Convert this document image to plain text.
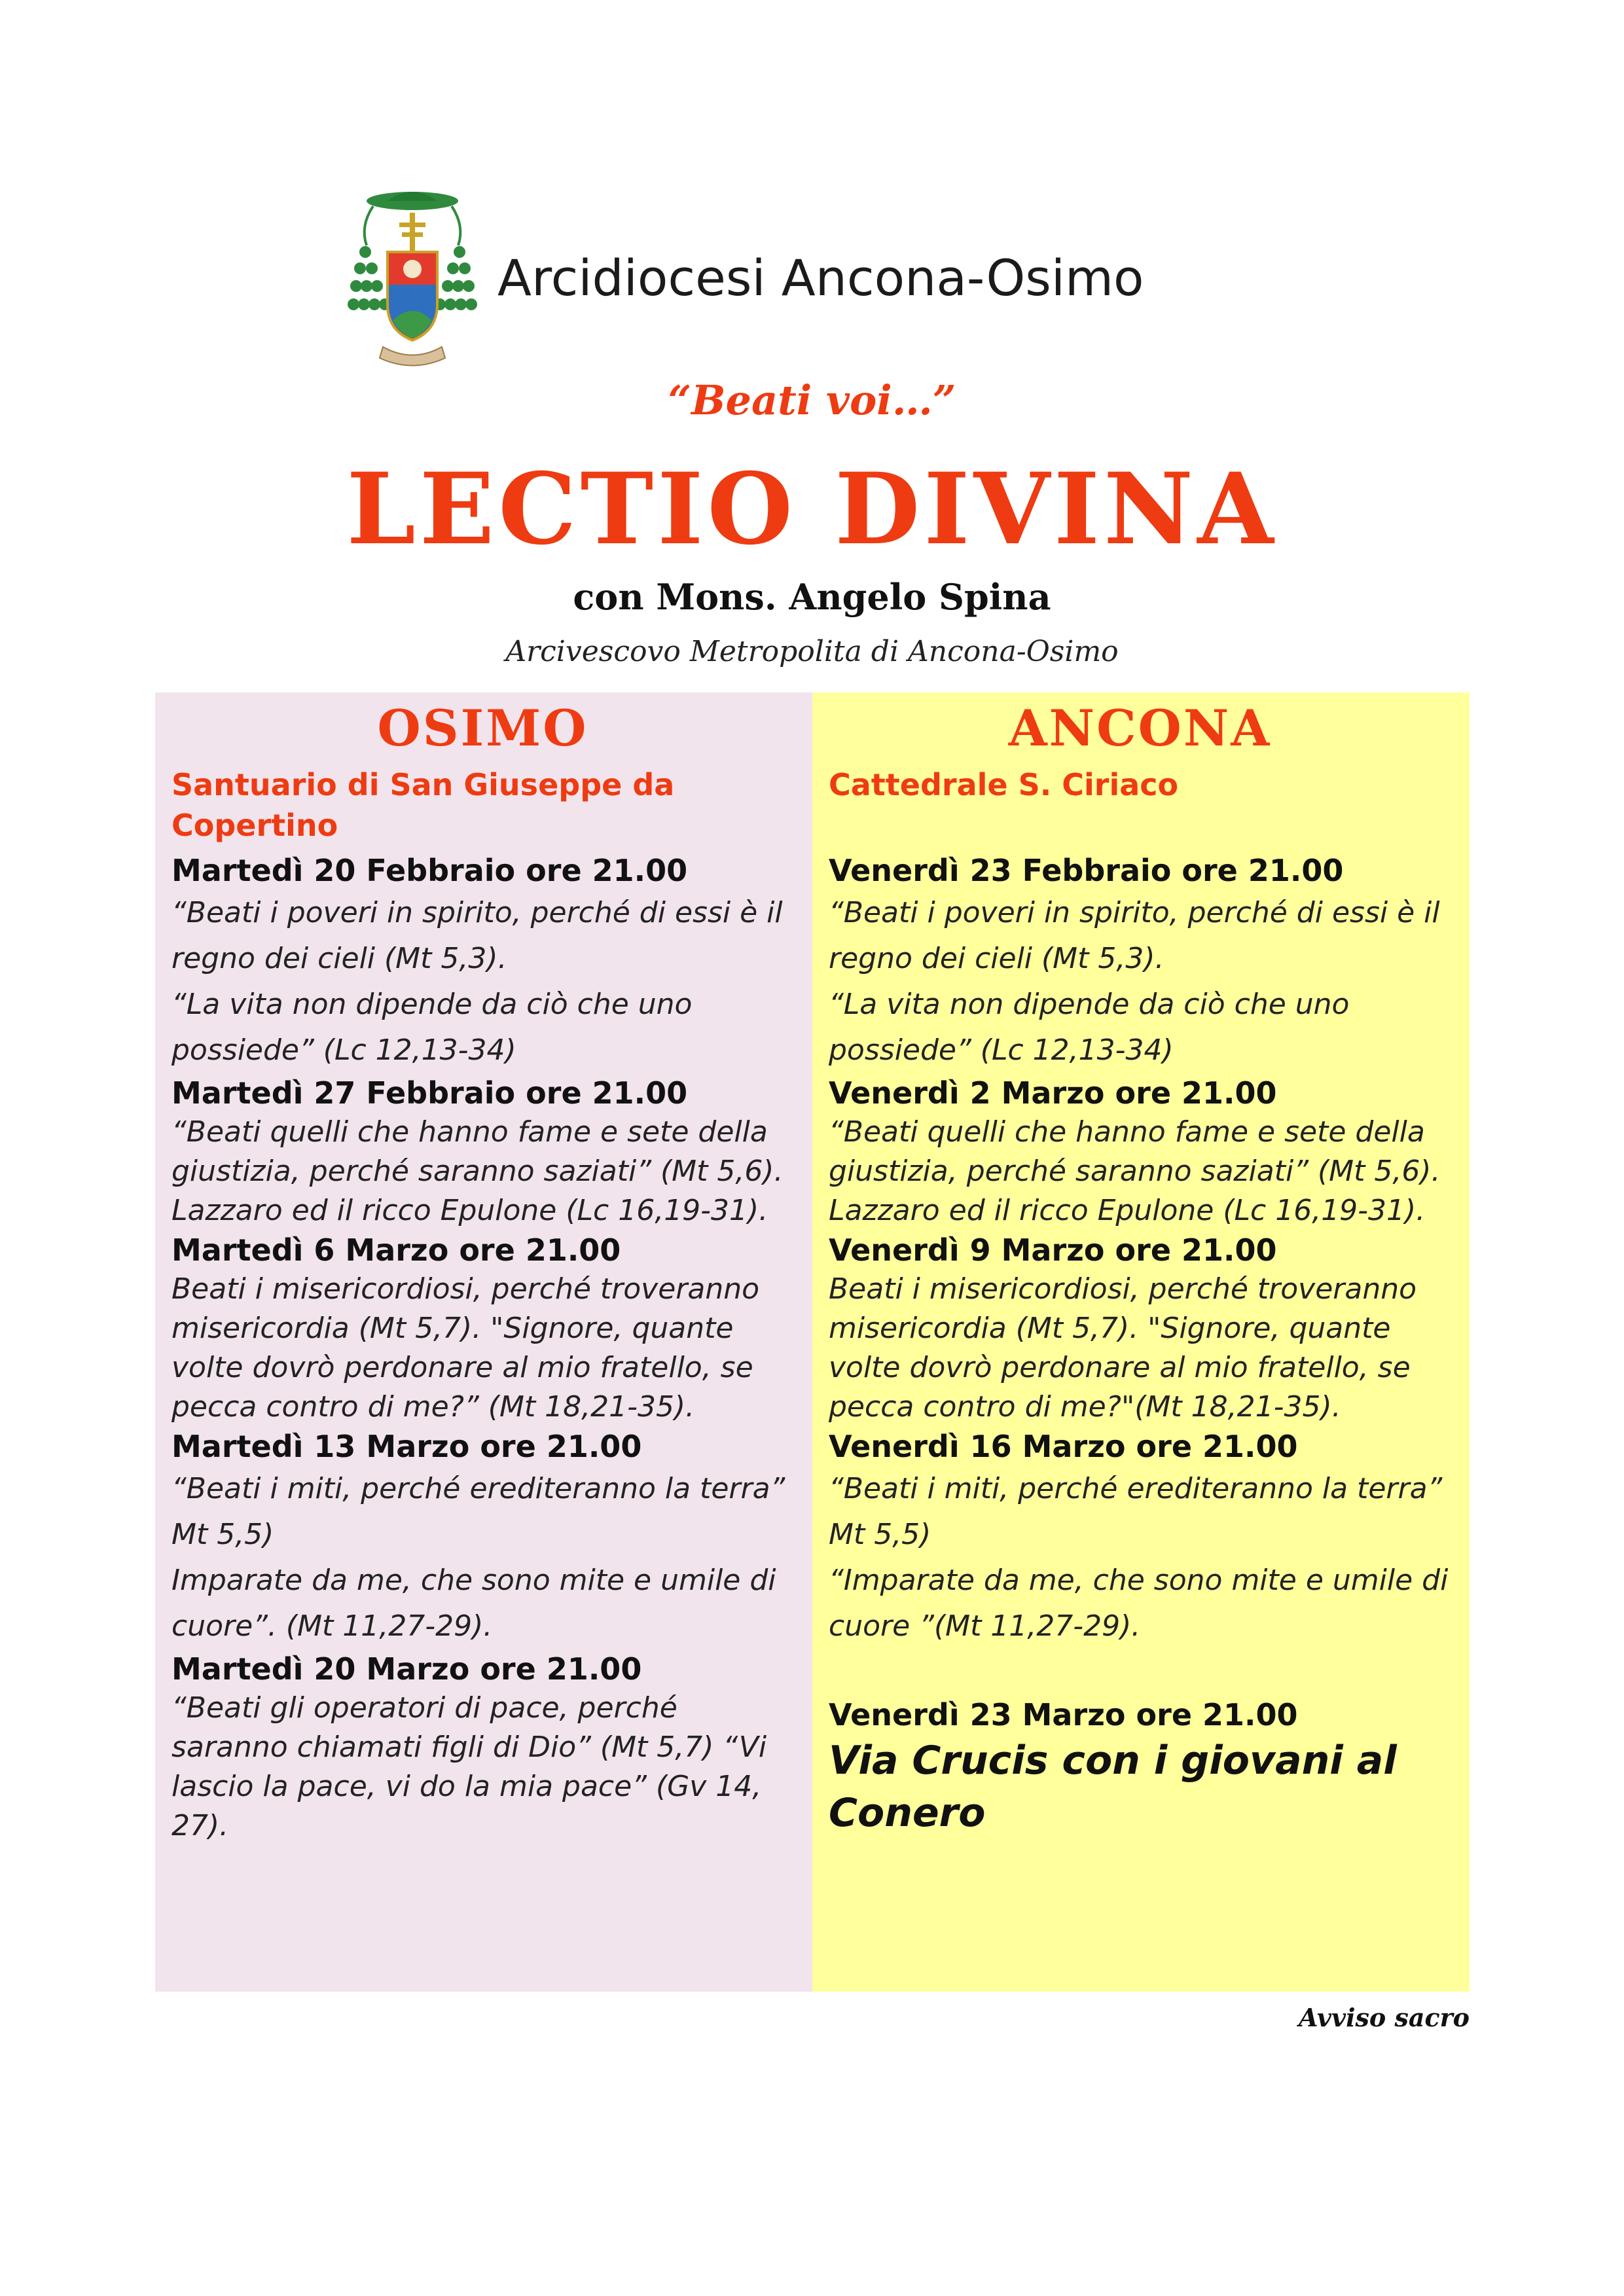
Arcidiocesi Ancona-Osimo
“Beati voi…”
LECTIO DIVINA
con Mons. Angelo Spina
Arcivescovo Metropolita di Ancona-Osimo
OSIMO
Santuario di San Giuseppe da Copertino
Martedì 20 Febbraio ore 21.00
“Beati i poveri in spirito, perché di essi è il regno dei cieli (Mt 5,3).
“La vita non dipende da ciò che uno possiede” (Lc 12,13-34)
Martedì 27 Febbraio ore 21.00
“Beati quelli che hanno fame e sete della giustizia, perché saranno saziati” (Mt 5,6). Lazzaro ed il ricco Epulone (Lc 16,19-31).
Martedì 6 Marzo ore 21.00
Beati i misericordiosi, perché troveranno misericordia (Mt 5,7). "Signore, quante volte dovrò perdonare al mio fratello, se pecca contro di me?” (Mt 18,21-35).
Martedì 13 Marzo ore 21.00
“Beati i miti, perché erediteranno la terra” Mt 5,5)
Imparate da me, che sono mite e umile di cuore”. (Mt 11,27-29).
Martedì 20 Marzo ore 21.00
“Beati gli operatori di pace, perché saranno chiamati figli di Dio” (Mt 5,7) “Vi lascio la pace, vi do la mia pace” (Gv 14, 27).
ANCONA
Cattedrale S. Ciriaco
Venerdì 23 Febbraio ore 21.00
“Beati i poveri in spirito, perché di essi è il regno dei cieli (Mt 5,3).
“La vita non dipende da ciò che uno possiede” (Lc 12,13-34)
Venerdì 2 Marzo ore 21.00
“Beati quelli che hanno fame e sete della giustizia, perché saranno saziati” (Mt 5,6). Lazzaro ed il ricco Epulone (Lc 16,19-31).
Venerdì 9 Marzo ore 21.00
Beati i misericordiosi, perché troveranno misericordia (Mt 5,7). "Signore, quante volte dovrò perdonare al mio fratello, se pecca contro di me?"(Mt 18,21-35).
Venerdì 16 Marzo ore 21.00
“Beati i miti, perché erediteranno la terra” Mt 5,5)
“Imparate da me, che sono mite e umile di cuore ”(Mt 11,27-29).
Venerdì 23 Marzo ore 21.00
Via Crucis con i giovani al Conero
Avviso sacro
